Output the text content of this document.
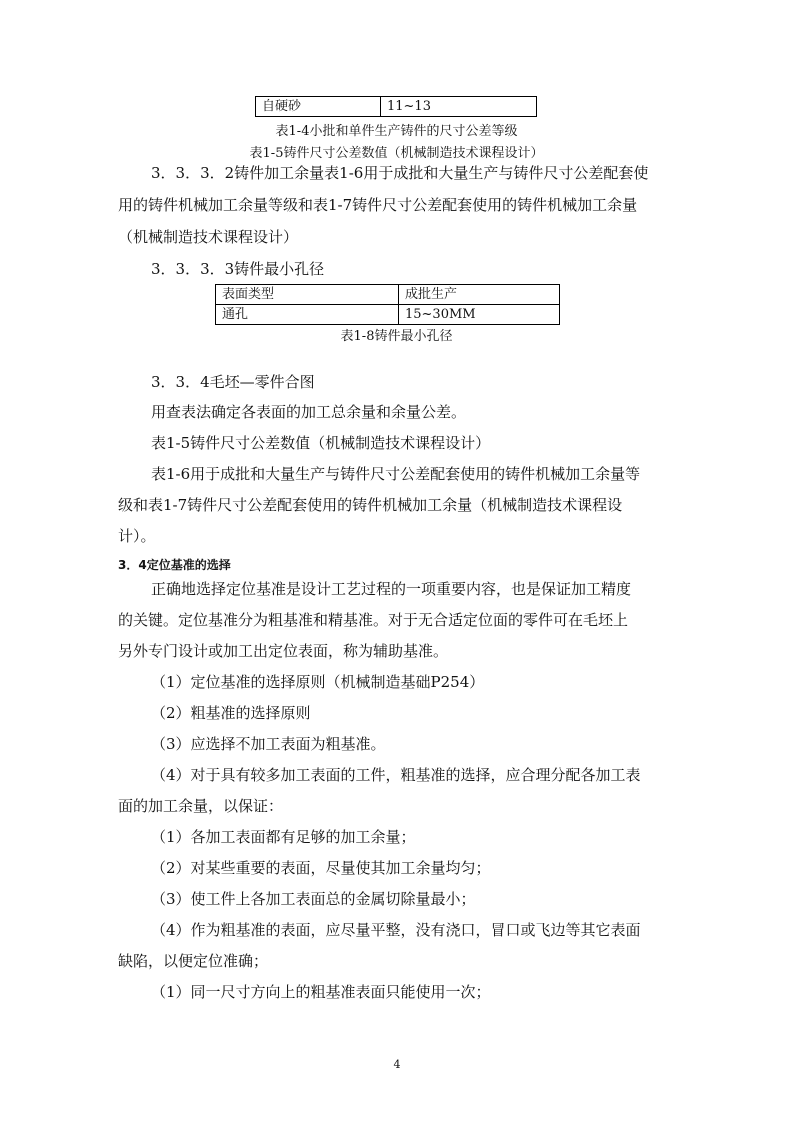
自硬砂	11~13
表1-4小批和单件生产铸件的尺寸公差等级
表1-5铸件尺寸公差数值（机械制造技术课程设计）
3．3．3．2铸件加工余量表1-6用于成批和大量生产与铸件尺寸公差配套使
用的铸件机械加工余量等级和表1-7铸件尺寸公差配套使用的铸件机械加工余量
（机械制造技术课程设计）
3．3．3．3铸件最小孔径
表面类型	成批生产
通孔	15~30MM
表1-8铸件最小孔径
3．3．4毛坯—零件合图
用查表法确定各表面的加工总余量和余量公差。
表1-5铸件尺寸公差数值（机械制造技术课程设计）
表1-6用于成批和大量生产与铸件尺寸公差配套使用的铸件机械加工余量等
级和表1-7铸件尺寸公差配套使用的铸件机械加工余量（机械制造技术课程设
计）。
3．4定位基准的选择
正确地选择定位基准是设计工艺过程的一项重要内容，也是保证加工精度
的关键。定位基准分为粗基准和精基准。对于无合适定位面的零件可在毛坯上
另外专门设计或加工出定位表面，称为辅助基准。
（1）定位基准的选择原则（机械制造基础P254）
（2）粗基准的选择原则
（3）应选择不加工表面为粗基准。
（4）对于具有较多加工表面的工件，粗基准的选择，应合理分配各加工表
面的加工余量，以保证：
（1）各加工表面都有足够的加工余量；
（2）对某些重要的表面，尽量使其加工余量均匀；
（3）使工件上各加工表面总的金属切除量最小；
（4）作为粗基准的表面，应尽量平整，没有浇口，冒口或飞边等其它表面
缺陷，以便定位准确；
（1）同一尺寸方向上的粗基准表面只能使用一次；
4
